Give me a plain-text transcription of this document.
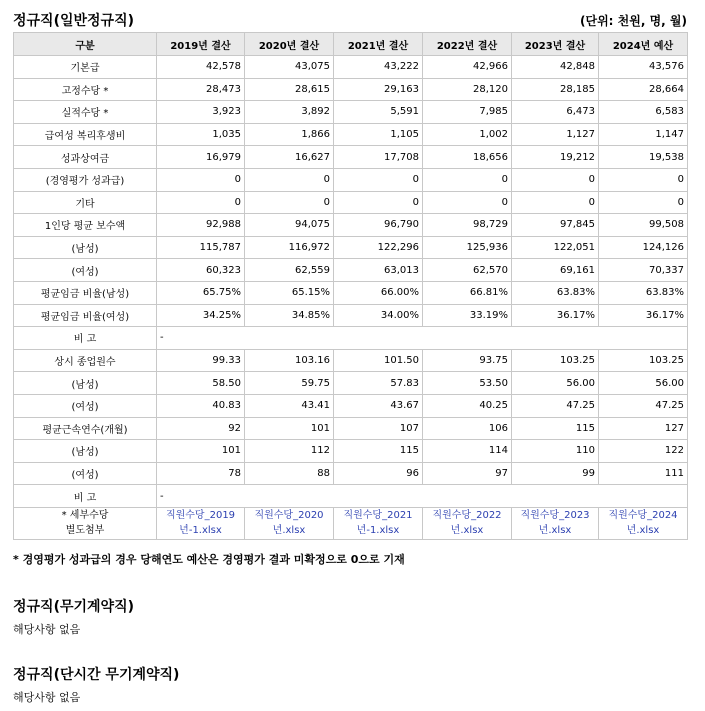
정규직(일반정규직)	(단위: 천원, 명, 월)
구분	2019년 결산	2020년 결산	2021년 결산	2022년 결산	2023년 결산	2024년 예산
기본급	42,578	43,075	43,222	42,966	42,848	43,576
고정수당 *	28,473	28,615	29,163	28,120	28,185	28,664
실적수당 *	3,923	3,892	5,591	7,985	6,473	6,583
급여성 복리후생비	1,035	1,866	1,105	1,002	1,127	1,147
성과상여금	16,979	16,627	17,708	18,656	19,212	19,538
(경영평가 성과급)	0	0	0	0	0	0
기타	0	0	0	0	0	0
1인당 평균 보수액	92,988	94,075	96,790	98,729	97,845	99,508
(남성)	115,787	116,972	122,296	125,936	122,051	124,126
(여성)	60,323	62,559	63,013	62,570	69,161	70,337
평균임금 비율(남성)	65.75%	65.15%	66.00%	66.81%	63.83%	63.83%
평균임금 비율(여성)	34.25%	34.85%	34.00%	33.19%	36.17%	36.17%
비 고	-					
상시 종업원수	99.33	103.16	101.50	93.75	103.25	103.25
(남성)	58.50	59.75	57.83	53.50	56.00	56.00
(여성)	40.83	43.41	43.67	40.25	47.25	47.25
평균근속연수(개월)	92	101	107	106	115	127
(남성)	101	112	115	114	110	122
(여성)	78	88	96	97	99	111
비 고	-					
* 세부수당
별도첨부	직원수당_2019년-1.xlsx	직원수당_2020년.xlsx	직원수당_2021년-1.xlsx	직원수당_2022년.xlsx	직원수당_2023년.xlsx	직원수당_2024년.xlsx
* 경영평가 성과급의 경우 당해연도 예산은 경영평가 결과 미확정으로 0으로 기재
정규직(무기계약직)
해당사항 없음
정규직(단시간 무기계약직)
해당사항 없음
